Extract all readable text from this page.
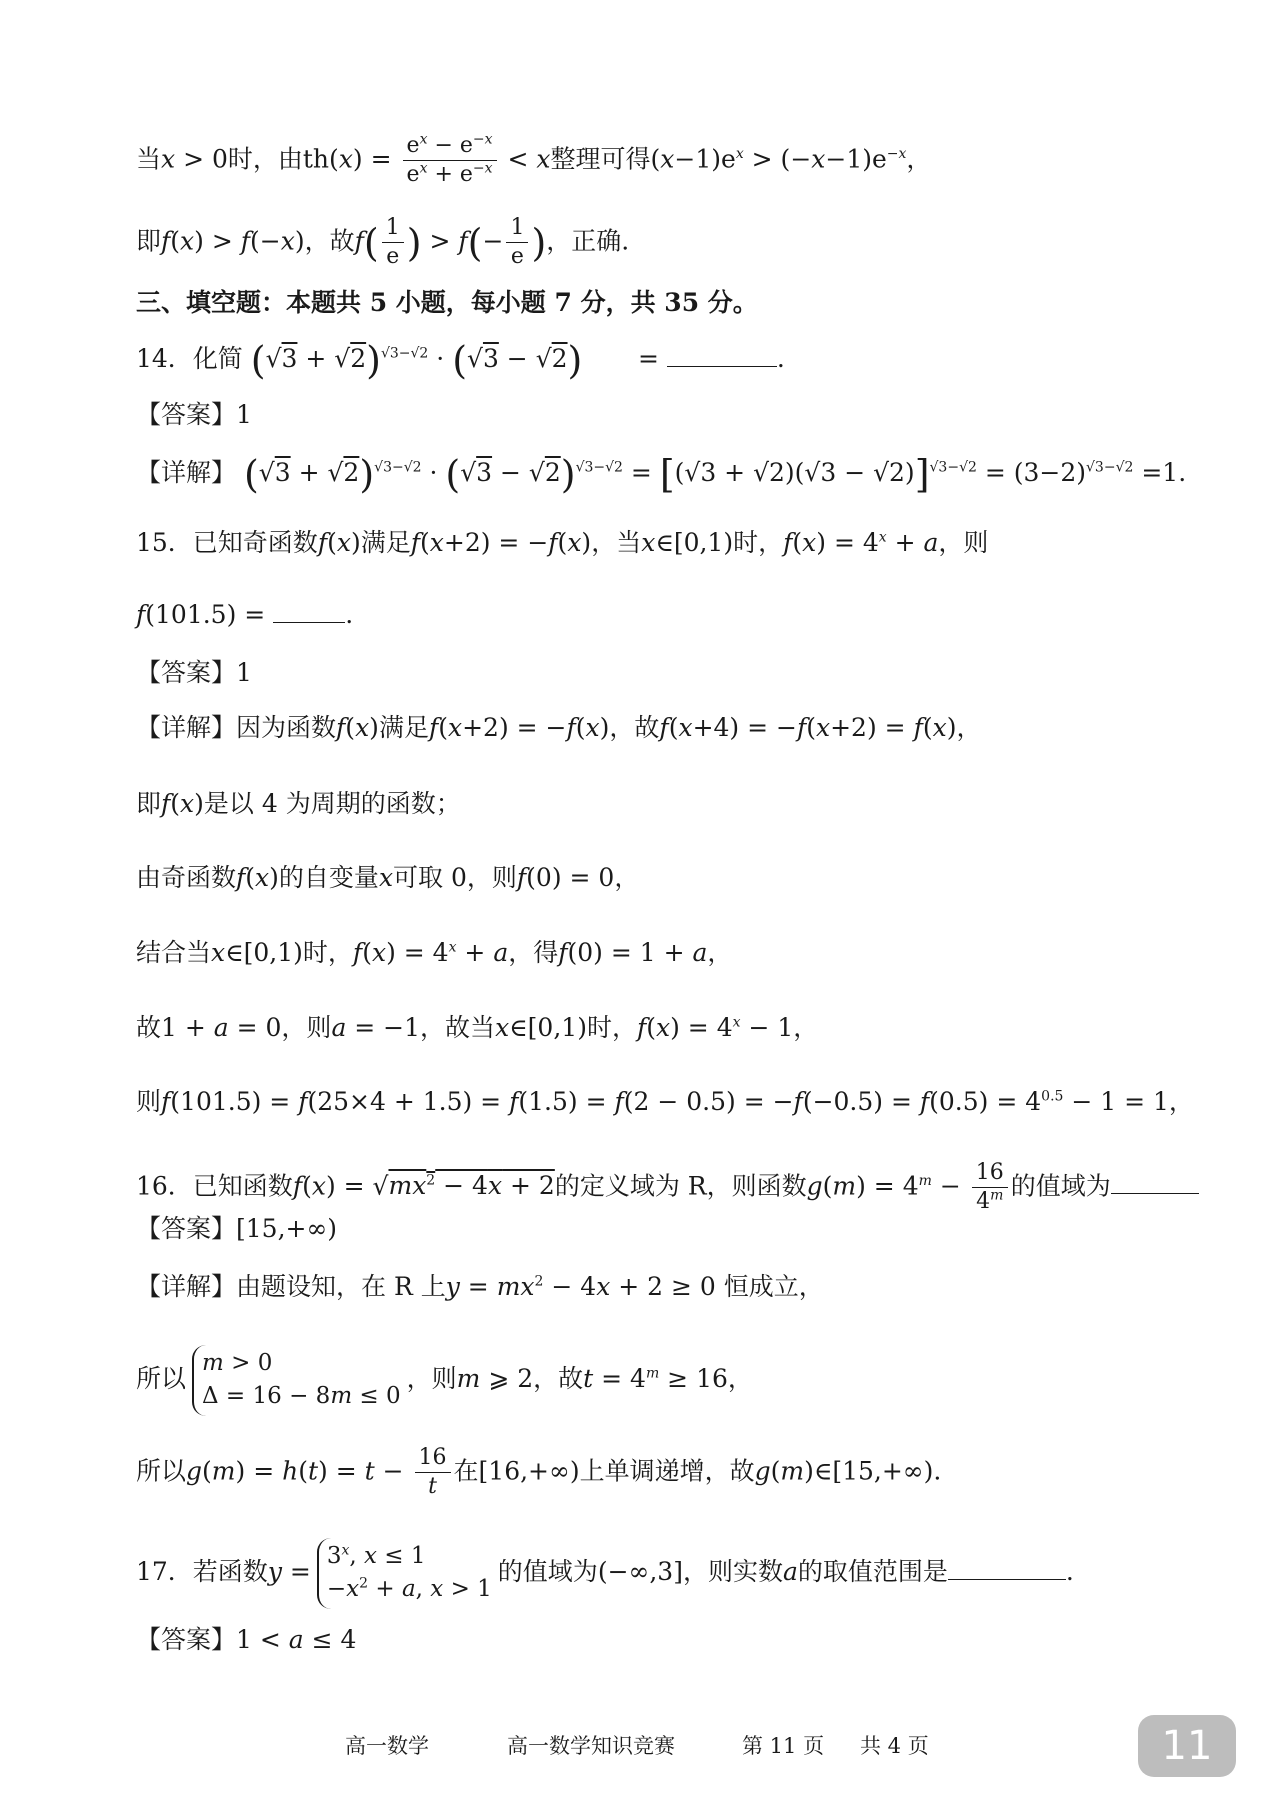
当x > 0时，由$th(x) = \frac{e^x - e^{-x}}{e^x + e^{-x}} < x$整理可得$(x-1)e^x > (-x-1)e^{-x}$，
即f(x) > f(−x)，故$f( \frac{1}{e}$ ) > $f(- \frac{1}{e}$ )，正确.
三、填空题：本题共 5 小题，每小题 7 分，共 35 分。
14．化简 $(√3 + √2)^{√3-√2} \cdot (√3 - √2)$       =	.
【答案】1
【详解】 $(√3 + √2)^{√3-√2} \cdot (√3 - √2)^{√3-√2} = [(√3 + √2)(√3 - √2)]^{√3-√2} = (3-2)^{√3-√2} =1$.
15．已知奇函数f(x)满足f(x+2) = −f(x)，当x∈[0,1)时，$f(x) = 4^x + a$，则
f(101.5) =	.
【答案】1
【详解】因为函数f(x)满足f(x+2) = −f(x)，故f(x+4) = −f(x+2) = f(x)，
即f(x)是以 4 为周期的函数；
由奇函数f(x)的自变量x可取 0，则f(0) = 0，
结合当x∈[0,1)时，$f(x) = 4^x + a$，得f(0) = 1 + a，
故1 + a = 0，则a = −1，故当x∈[0,1)时，$f(x) = 4^x - 1$，
则$f(101.5) = f(25\times 4 + 1.5) = f(1.5) = f(2 - 0.5) = -f(-0.5) = f(0.5) = 4^{0.5} - 1 = 1$，
16．已知函数$f(x) = √mx^2 - 4x + 2$的定义域为 R，则函数$g(m) = 4^m - \frac{16}{4^m}$ 的值域为
【答案】[15,+∞)
【详解】由题设知，在 R 上$y = mx^2 - 4x + 2 \ge 0$ 恒成立，
所以m > 0
Δ = 16 − 8m ≤ 0，则m ⩾ 2，故$t = 4^m \ge 16$，
所以$g(m) = h(t) = t - \frac{16}{t}$ 在[16,+∞)上单调递增，故g(m)∈[15,+∞).
17．若函数$y =3^x$, x ≤ 1
$-x^2 + a$, x > 1的值域为(−∞,3]，则实数a的取值范围是	.
【答案】1 < a ≤ 4
高一数学	高一数学知识竞赛	第 11 页 共 4 页	11
